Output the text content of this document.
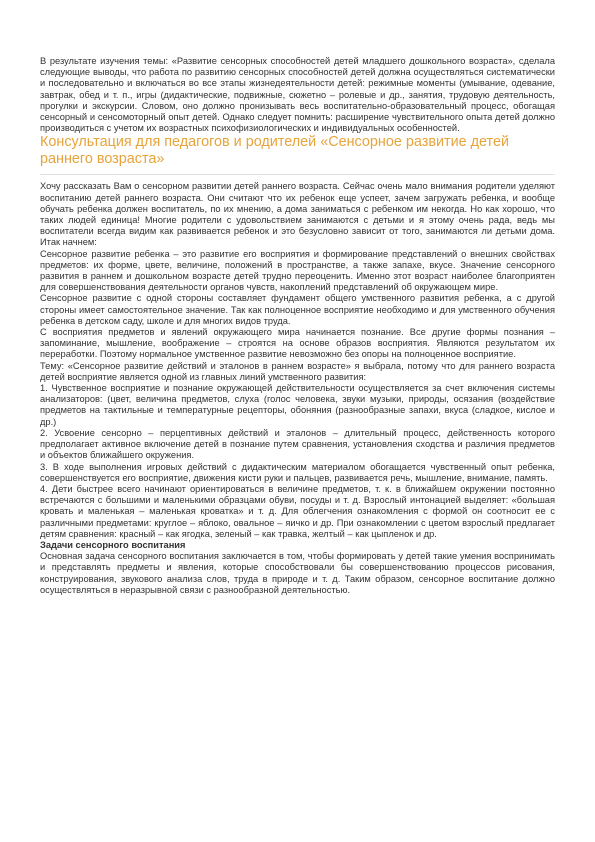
В результате изучения темы: «Развитие сенсорных способностей детей младшего дошкольного возраста», сделала следующие выводы, что работа по развитию сенсорных способностей детей должна осуществляться систематически и последовательно и включаться во все этапы жизнедеятельности детей: режимные моменты (умывание, одевание, завтрак, обед и т. п., игры (дидактические, подвижные, сюжетно – ролевые и др., занятия, трудовую деятельность, прогулки и экскурсии. Словом, оно должно пронизывать весь воспитательно-образовательный процесс, обогащая сенсорный и сенсомоторный опыт детей. Однако следует помнить: расширение чувствительного опыта детей должно производиться с учетом их возрастных психофизиологических и индивидуальных особенностей.

Консультация для педагогов и родителей «Сенсорное развитие детей раннего возраста»

Хочу рассказать Вам о сенсорном развитии детей раннего возраста. Сейчас очень мало внимания родители уделяют воспитанию детей раннего возраста. Они считают что их ребенок еще успеет, зачем загружать ребенка, и вообще обучать ребенка должен воспитатель, по их мнению, а дома заниматься с ребенком им некогда. Но как хорошо, что таких людей единица! Многие родители с удовольствием занимаются с детьми и я этому очень рада, ведь мы воспитатели всегда видим как развивается ребенок и это безусловно зависит от того, занимаются ли детьми дома. Итак начнем:

Сенсорное развитие ребенка – это развитие его восприятия и формирование представлений о внешних свойствах предметов: их форме, цвете, величине, положений в пространстве, а также запахе, вкусе. Значение сенсорного развития в раннем и дошкольном возрасте детей трудно переоценить. Именно этот возраст наиболее благоприятен для совершенствования деятельности органов чувств, накоплений представлений об окружающем мире.

Сенсорное развитие с одной стороны составляет фундамент общего умственного развития ребенка, а с другой стороны имеет самостоятельное значение. Так как полноценное восприятие необходимо и для умственного обучения ребенка в детском саду, школе и для многих видов труда.

С восприятия предметов и явлений окружающего мира начинается познание. Все другие формы познания – запоминание, мышление, воображение – строятся на основе образов восприятия. Являются результатом их переработки. Поэтому нормальное умственное развитие невозможно без опоры на полноценное восприятие.

Тему: «Сенсорное развитие действий и эталонов в раннем возрасте» я выбрала, потому что для раннего возраста детей восприятие является одной из главных линий умственного развития:

1. Чувственное восприятие и познание окружающей действительности осуществляется за счет включения системы анализаторов: (цвет, величина предметов, слуха (голос человека, звуки музыки, природы, осязания (воздействие предметов на тактильные и температурные рецепторы, обоняния (разнообразные запахи, вкуса (сладкое, кислое и др.)

2. Усвоение сенсорно – перцептивных действий и эталонов – длительный процесс, действенность которого предполагает активное включение детей в познание путем сравнения, установления сходства и различия предметов и объектов ближайшего окружения.

3. В ходе выполнения игровых действий с дидактическим материалом обогащается чувственный опыт ребенка, совершенствуется его восприятие, движения кисти руки и пальцев, развивается речь, мышление, внимание, память.

4. Дети быстрее всего начинают ориентироваться в величине предметов, т. к. в ближайшем окружении постоянно встречаются с большими и маленькими образцами обуви, посуды и т. д. Взрослый интонацией выделяет: «большая кровать и маленькая – маленькая кроватка» и т. д. Для облегчения ознакомления с формой он соотносит ее с различными предметами: круглое – яблоко, овальное – яичко и др. При ознакомлении с цветом взрослый предлагает детям сравнения: красный – как ягодка, зеленый – как травка, желтый – как цыпленок и др.

Задачи сенсорного воспитания

Основная задача сенсорного воспитания заключается в том, чтобы формировать у детей такие умения воспринимать и представлять предметы и явления, которые способствовали бы совершенствованию процессов рисования, конструирования, звукового анализа слов, труда в природе и т. д. Таким образом, сенсорное воспитание должно осуществляться в неразрывной связи с разнообразной деятельностью.
